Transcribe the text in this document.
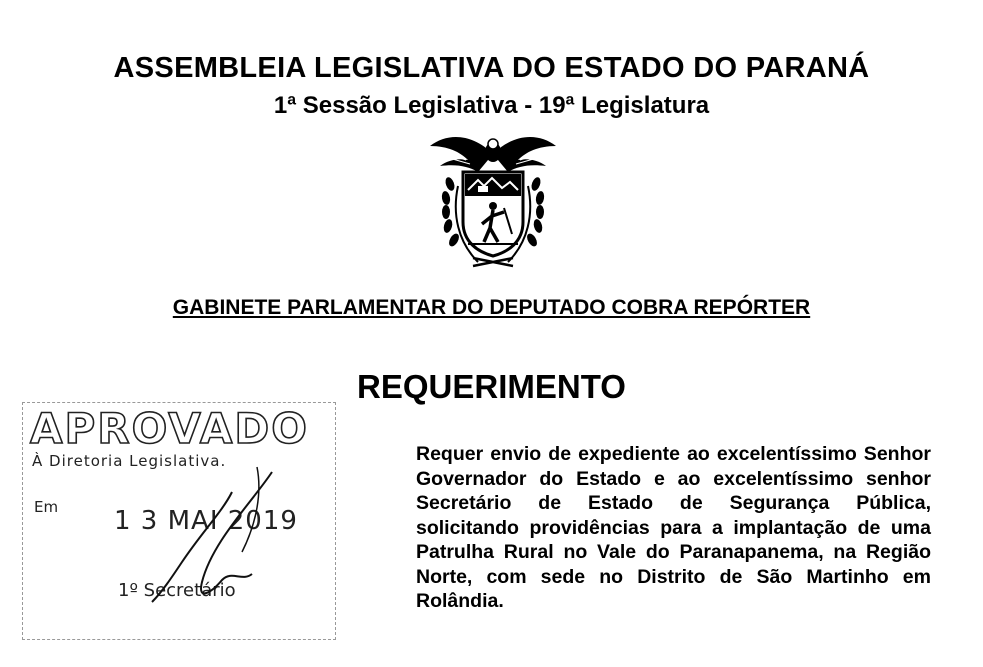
ASSEMBLEIA LEGISLATIVA DO ESTADO DO PARANÁ
1ª Sessão Legislativa - 19ª Legislatura
GABINETE PARLAMENTAR DO DEPUTADO COBRA REPÓRTER
REQUERIMENTO
APROVADO
À Diretoria Legislativa.
Em 1 3 MAI 2019
1º Secretário
Requer envio de expediente ao excelentíssimo Senhor Governador do Estado e ao excelentíssimo senhor Secretário de Estado de Segurança Pública, solicitando providências para a implantação de uma Patrulha Rural no Vale do Paranapanema, na Região Norte, com sede no Distrito de São Martinho em Rolândia.
